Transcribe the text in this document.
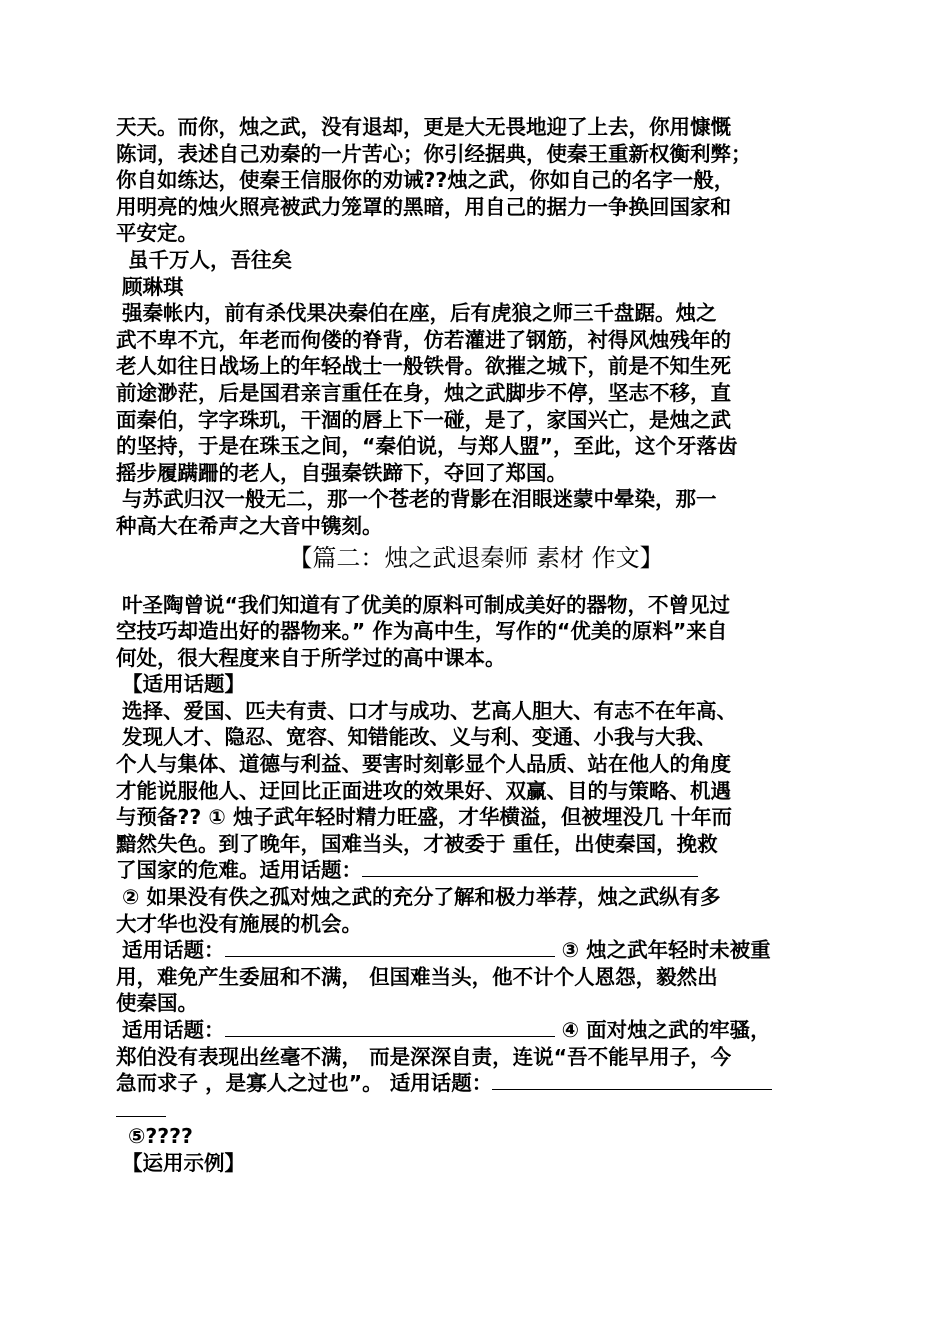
天天。而你，烛之武，没有退却，更是大无畏地迎了上去，你用慷慨

陈词，表述自己劝秦的一片苦心；你引经据典，使秦王重新权衡利弊；

你自如练达，使秦王信服你的劝诫??烛之武，你如自己的名字一般，

用明亮的烛火照亮被武力笼罩的黑暗，用自己的据力一争换回国家和

平安定。

虽千万人，吾往矣

顾琳琪

强秦帐内，前有杀伐果决秦伯在座，后有虎狼之师三千盘踞。烛之

武不卑不亢，年老而佝偻的脊背，仿若灌进了钢筋，衬得风烛残年的

老人如往日战场上的年轻战士一般铁骨。欲摧之城下，前是不知生死

前途渺茫，后是国君亲言重任在身，烛之武脚步不停，坚志不移，直

面秦伯，字字珠玑，干涸的唇上下一碰，是了，家国兴亡，是烛之武

的坚持，于是在珠玉之间，“秦伯说，与郑人盟”，至此，这个牙落齿

摇步履蹒跚的老人，自强秦铁蹄下，夺回了郑国。

与苏武归汉一般无二，那一个苍老的背影在泪眼迷蒙中晕染，那一

种高大在希声之大音中镌刻。

【篇二：烛之武退秦师 素材 作文】

叶圣陶曾说“我们知道有了优美的原料可制成美好的器物，不曾见过

空技巧却造出好的器物来。” 作为高中生，写作的“优美的原料”来自

何处，很大程度来自于所学过的高中课本。

【适用话题】

选择、爱国、匹夫有责、口才与成功、艺高人胆大、有志不在年高、

发现人才、隐忍、宽容、知错能改、义与利、变通、小我与大我、

个人与集体、道德与利益、要害时刻彰显个人品质、站在他人的角度

才能说服他人、迂回比正面进攻的效果好、双赢、目的与策略、机遇

与预备?? ① 烛子武年轻时精力旺盛，才华横溢，但被埋没几 十年而

黯然失色。到了晚年，国难当头，才被委于 重任，出使秦国，挽救

了国家的危难。适用话题：

② 如果没有佚之孤对烛之武的充分了解和极力举荐，烛之武纵有多

大才华也没有施展的机会。

适用话题：	③ 烛之武年轻时未被重

用，难免产生委屈和不满， 但国难当头，他不计个人恩怨，毅然出

使秦国。

适用话题：	④ 面对烛之武的牢骚，

郑伯没有表现出丝毫不满， 而是深深自责，连说“吾不能早用子，今

急而求子 ，是寡人之过也”。 适用话题：

⑤????

【运用示例】
